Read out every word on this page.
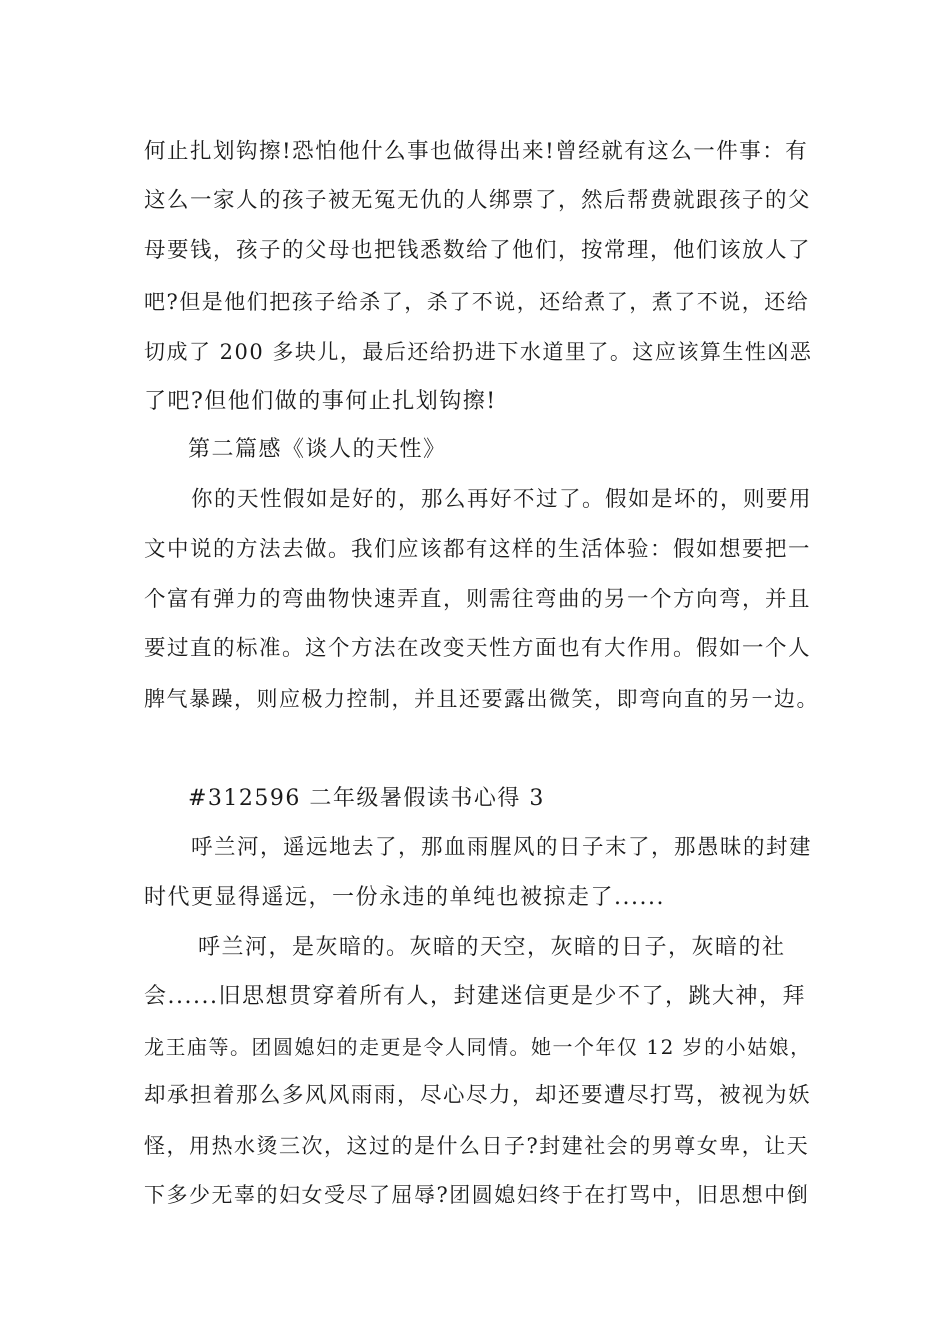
何止扎划钩擦!恐怕他什么事也做得出来!曾经就有这么一件事：有
这么一家人的孩子被无冤无仇的人绑票了，然后帮费就跟孩子的父
母要钱，孩子的父母也把钱悉数给了他们，按常理，他们该放人了
吧?但是他们把孩子给杀了，杀了不说，还给煮了，煮了不说，还给
切成了 200 多块儿，最后还给扔进下水道里了。这应该算生性凶恶
了吧?但他们做的事何止扎划钩擦!
第二篇感《谈人的天性》
你的天性假如是好的，那么再好不过了。假如是坏的，则要用
文中说的方法去做。我们应该都有这样的生活体验：假如想要把一
个富有弹力的弯曲物快速弄直，则需往弯曲的另一个方向弯，并且
要过直的标准。这个方法在改变天性方面也有大作用。假如一个人
脾气暴躁，则应极力控制，并且还要露出微笑，即弯向直的另一边。
#312596 二年级暑假读书心得 3
呼兰河，遥远地去了，那血雨腥风的日子末了，那愚昧的封建
时代更显得遥远，一份永违的单纯也被掠走了......
呼兰河，是灰暗的。灰暗的天空，灰暗的日子，灰暗的社
会......旧思想贯穿着所有人，封建迷信更是少不了，跳大神，拜
龙王庙等。团圆媳妇的走更是令人同情。她一个年仅 12 岁的小姑娘，
却承担着那么多风风雨雨，尽心尽力，却还要遭尽打骂，被视为妖
怪，用热水烫三次，这过的是什么日子?封建社会的男尊女卑，让天
下多少无辜的妇女受尽了屈辱?团圆媳妇终于在打骂中，旧思想中倒
